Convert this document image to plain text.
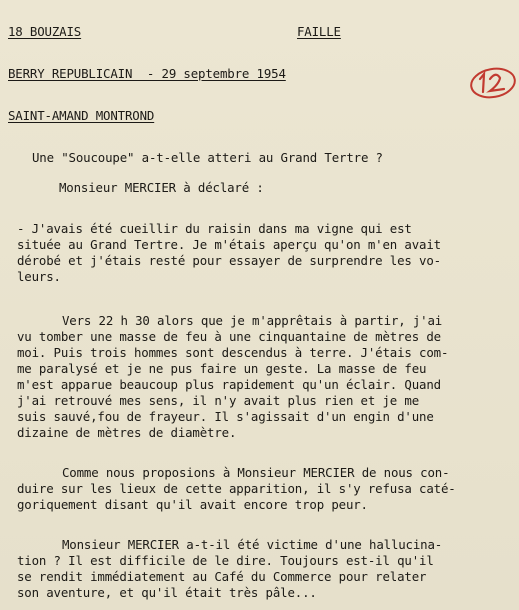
18 BOUZAIS	FAILLE
BERRY REPUBLICAIN  - 29 septembre 1954
SAINT-AMAND MONTROND
Une "Soucoupe" a-t-elle atteri au Grand Tertre ?
Monsieur MERCIER à déclaré :
- J'avais été cueillir du raisin dans ma vigne qui est
située au Grand Tertre. Je m'étais aperçu qu'on m'en avait
dérobé et j'étais resté pour essayer de surprendre les vo-
leurs.
Vers 22 h 30 alors que je m'apprêtais à partir, j'ai
vu tomber une masse de feu à une cinquantaine de mètres de
moi. Puis trois hommes sont descendus à terre. J'étais com-
me paralysé et je ne pus faire un geste. La masse de feu
m'est apparue beaucoup plus rapidement qu'un éclair. Quand
j'ai retrouvé mes sens, il n'y avait plus rien et je me
suis sauvé,fou de frayeur. Il s'agissait d'un engin d'une
dizaine de mètres de diamètre.
Comme nous proposions à Monsieur MERCIER de nous con-
duire sur les lieux de cette apparition, il s'y refusa caté-
goriquement disant qu'il avait encore trop peur.
Monsieur MERCIER a-t-il été victime d'une hallucina-
tion ? Il est difficile de le dire. Toujours est-il qu'il
se rendit immédiatement au Café du Commerce pour relater
son aventure, et qu'il était très pâle...
